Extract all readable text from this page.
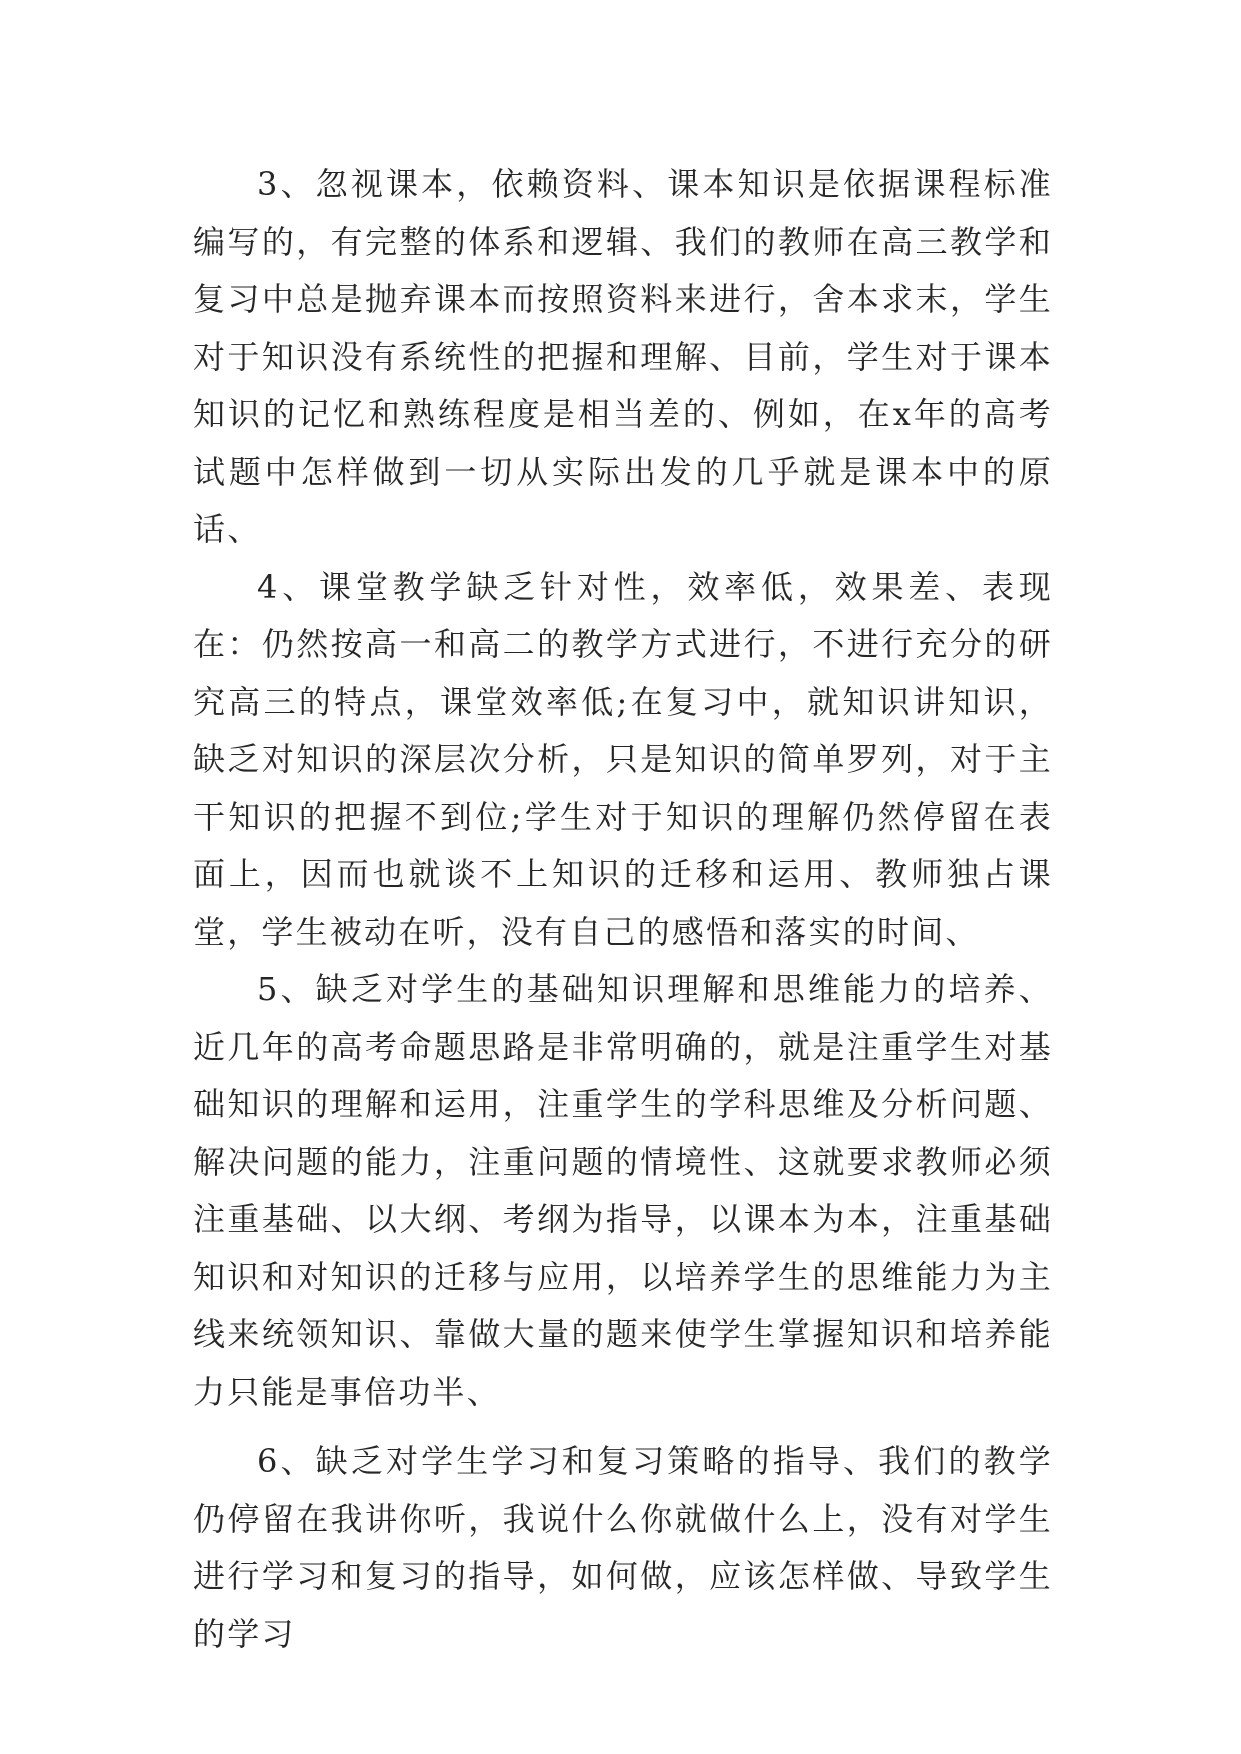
3、忽视课本，依赖资料、课本知识是依据课程标准编写的，有完整的体系和逻辑、我们的教师在高三教学和复习中总是抛弃课本而按照资料来进行，舍本求末，学生对于知识没有系统性的把握和理解、目前，学生对于课本知识的记忆和熟练程度是相当差的、例如，在x年的高考试题中怎样做到一切从实际出发的几乎就是课本中的原话、

4、课堂教学缺乏针对性，效率低，效果差、表现在：仍然按高一和高二的教学方式进行，不进行充分的研究高三的特点，课堂效率低;在复习中，就知识讲知识，缺乏对知识的深层次分析，只是知识的简单罗列，对于主干知识的把握不到位;学生对于知识的理解仍然停留在表面上，因而也就谈不上知识的迁移和运用、教师独占课堂，学生被动在听，没有自己的感悟和落实的时间、

5、缺乏对学生的基础知识理解和思维能力的培养、近几年的高考命题思路是非常明确的，就是注重学生对基础知识的理解和运用，注重学生的学科思维及分析问题、解决问题的能力，注重问题的情境性、这就要求教师必须注重基础、以大纲、考纲为指导，以课本为本，注重基础知识和对知识的迁移与应用，以培养学生的思维能力为主线来统领知识、靠做大量的题来使学生掌握知识和培养能力只能是事倍功半、

6、缺乏对学生学习和复习策略的指导、我们的教学仍停留在我讲你听，我说什么你就做什么上，没有对学生进行学习和复习的指导，如何做，应该怎样做、导致学生的学习
